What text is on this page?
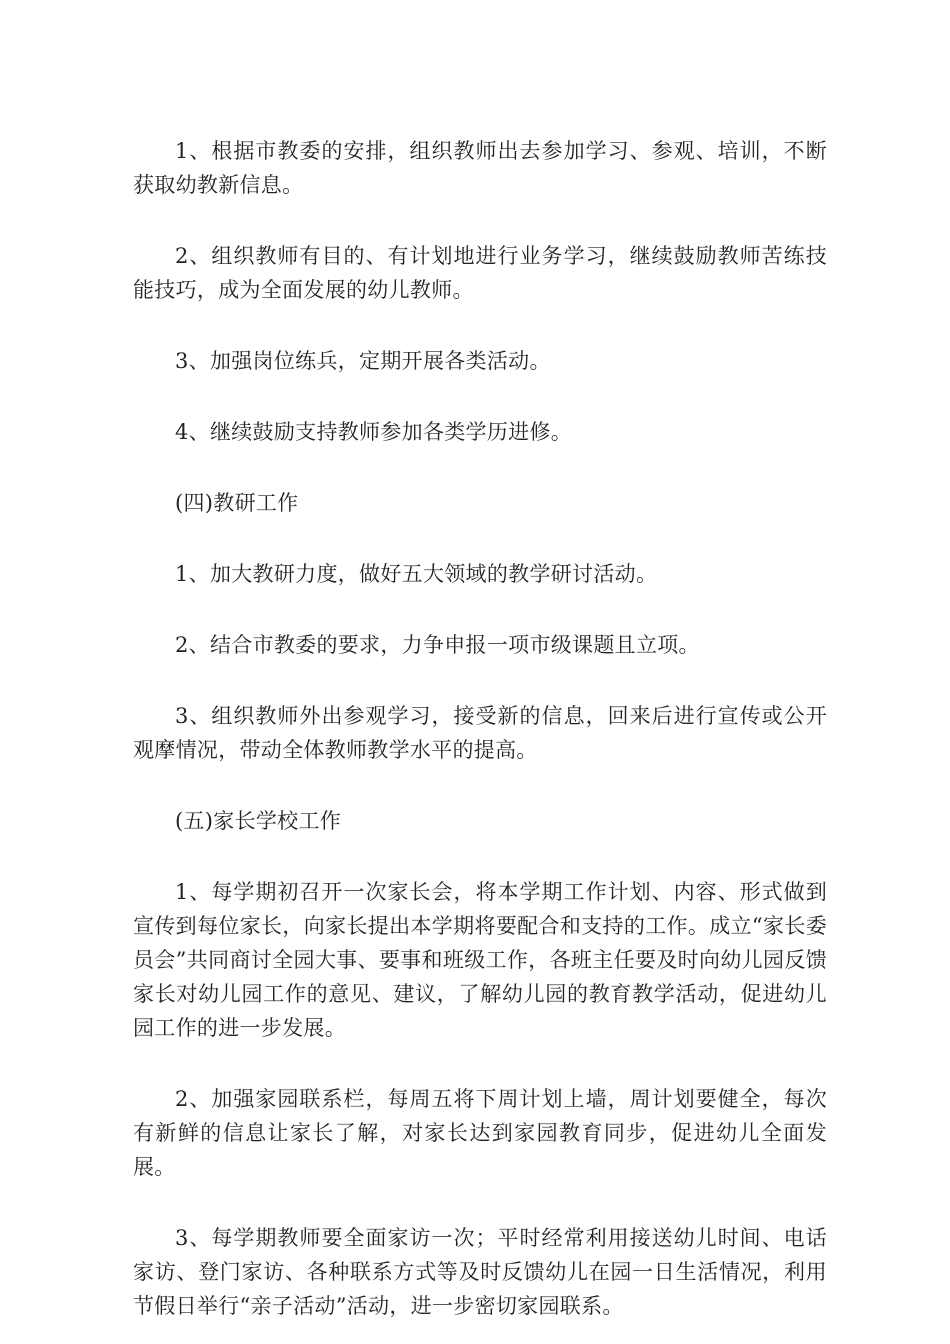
1、根据市教委的安排，组织教师出去参加学习、参观、培训，不断获取幼教新信息。

2、组织教师有目的、有计划地进行业务学习，继续鼓励教师苦练技能技巧，成为全面发展的幼儿教师。

3、加强岗位练兵，定期开展各类活动。

4、继续鼓励支持教师参加各类学历进修。

(四)教研工作

1、加大教研力度，做好五大领域的教学研讨活动。

2、结合市教委的要求，力争申报一项市级课题且立项。

3、组织教师外出参观学习，接受新的信息，回来后进行宣传或公开观摩情况，带动全体教师教学水平的提高。

(五)家长学校工作

1、每学期初召开一次家长会，将本学期工作计划、内容、形式做到宣传到每位家长，向家长提出本学期将要配合和支持的工作。成立“家长委员会”共同商讨全园大事、要事和班级工作，各班主任要及时向幼儿园反馈家长对幼儿园工作的意见、建议，了解幼儿园的教育教学活动，促进幼儿园工作的进一步发展。

2、加强家园联系栏，每周五将下周计划上墙，周计划要健全，每次有新鲜的信息让家长了解，对家长达到家园教育同步，促进幼儿全面发展。

3、每学期教师要全面家访一次；平时经常利用接送幼儿时间、电话家访、登门家访、各种联系方式等及时反馈幼儿在园一日生活情况，利用节假日举行“亲子活动”活动，进一步密切家园联系。
